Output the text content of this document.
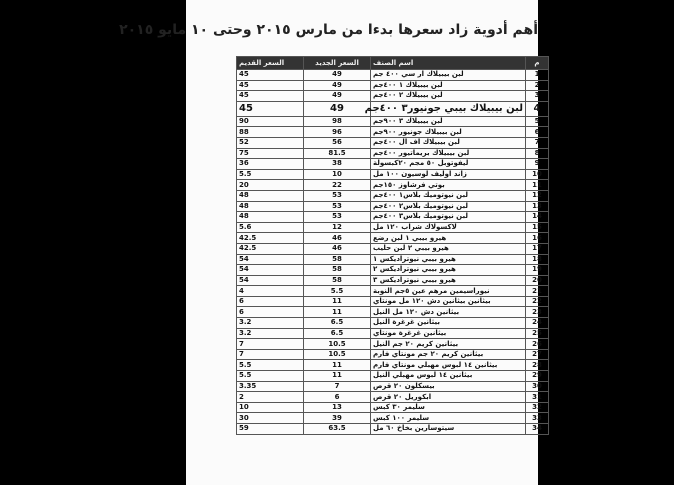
أهم أدوية زاد سعرها بدءا من مارس ٢٠١٥ وحتى ١٠ مايو ٢٠١٥
م	اسم الصنف	السعر الجديد	السعر القديم
1	لبن بيبيلاك ار سي ٤٠٠ جم	49	45
2	لبن بيبيلاك ١ ٤٠٠جم	49	45
3	لبن بيبيلاك ٢ ٤٠٠جم	49	45
4	لبن بيبيلاك بيبي جونيور٣ ٤٠٠جم	49	45
5	لبن بيبيلاك ٣ ٩٠٠جم	98	90
6	لبن بيبيلاك جونيور ٩٠٠جم	96	88
7	لبن بيبيلاك اف ال ٤٠٠جم	56	52
8	لبن بيبيلاك بريماتيور ٤٠٠جم	81.5	75
9	ليفوتوبل ٥٠ مجم ٢٠كبسولة	38	36
10	زاند اوليف لوسيون ١٠٠ مل	10	5.5
11	بوتي فرشاوز ١٥٠جم	22	20
12	لبن نيوتوميك بلاس١ ٤٠٠جم	53	48
13	لبن نيوتوميك بلاس٢ ٤٠٠جم	53	48
14	لبن نيوتوميك بلاس٣ ٤٠٠جم	53	48
15	لاكسولاك شراب ١٢٠ مل	12	5.6
16	هيرو بيبي ١ لبن رضع	46	42.5
17	هيرو بيبي ٢ لبن حليب	46	42.5
18	هيرو بيبي نيوتراديكس ١	58	54
19	هيرو بيبي نيوتراديكس ٢	58	54
20	هيرو بيبي نيوتراديكس ٣	58	54
21	نيوراسيمين مرهم عين ٥جم النوبة	5.5	4
22	بيثانين بيثانين دش ١٢٠ مل مونتاي	11	6
23	بيثانين دش ١٢٠ مل النيل	11	6
24	بيثانين غرغرة النيل	6.5	3.2
25	بيثانين غرغرة مونتاي	6.5	3.2
26	بيثانين كريم ٢٠ جم النيل	10.5	7
27	بيثانين كريم ٢٠ جم مونتاي فارم	10.5	7
28	بيثانين ١٤ لبوس مهبلي مونتاي فارم	11	5.5
29	بيثانين ١٤ لبوس مهبلي النيل	11	5.5
30	بيسكلون ٢٠ قرص	7	3.35
31	ابكوريل ٢٠ قرص	6	2
32	سليمر ٣٠ كبس	13	10
33	سليمر ١٠٠ كبس	39	30
34	سيتوسارين بخاخ ٦٠ مل	63.5	59
